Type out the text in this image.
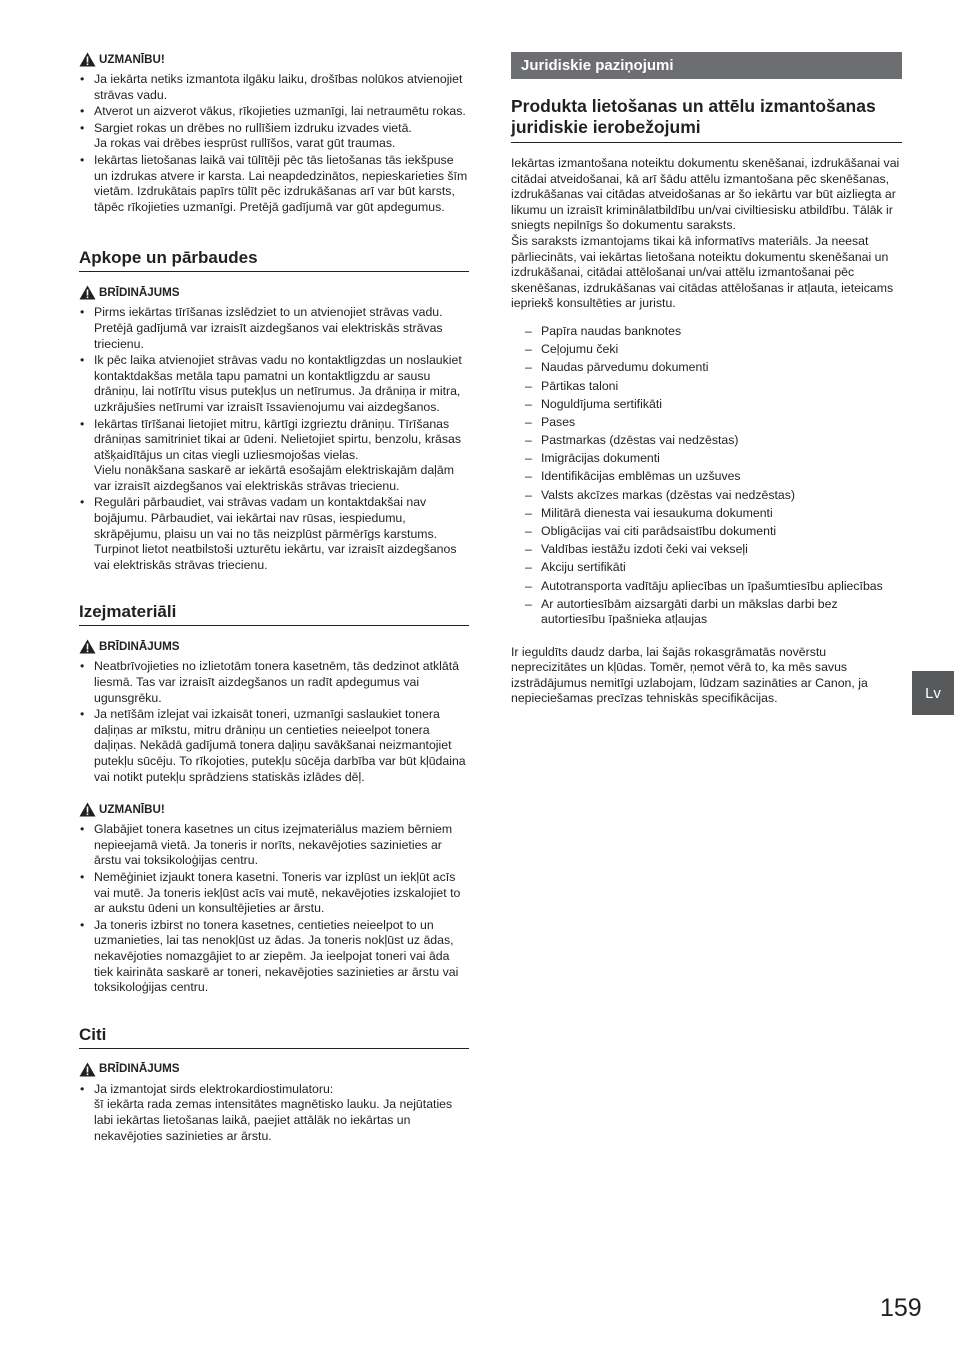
UZMANĪBU!
• Ja iekārta netiks izmantota ilgāku laiku, drošības nolūkos atvienojiet strāvas vadu.
• Atverot un aizverot vākus, rīkojieties uzmanīgi, lai netraumētu rokas.
• Sargiet rokas un drēbes no rullīšiem izdruku izvades vietā.
Ja rokas vai drēbes iesprūst rullīšos, varat gūt traumas.
• Iekārtas lietošanas laikā vai tūlītēji pēc tās lietošanas tās iekšpuse un izdrukas atvere ir karsta. Lai neapdedzinātos, nepieskarieties šīm vietām. Izdrukātais papīrs tūlīt pēc izdrukāšanas arī var būt karsts, tāpēc rīkojieties uzmanīgi. Pretējā gadījumā var gūt apdegumus.
Apkope un pārbaudes
BRĪDINĀJUMS
• Pirms iekārtas tīrīšanas izslēdziet to un atvienojiet strāvas vadu. Pretējā gadījumā var izraisīt aizdegšanos vai elektriskās strāvas triecienu.
• Ik pēc laika atvienojiet strāvas vadu no kontaktligzdas un noslaukiet kontaktdakšas metāla tapu pamatni un kontaktligzdu ar sausu drāniņu, lai notīrītu visus putekļus un netīrumus. Ja drāniņa ir mitra, uzkrājušies netīrumi var izraisīt īssavienojumu vai aizdegšanos.
• Iekārtas tīrīšanai lietojiet mitru, kārtīgi izgrieztu drāniņu. Tīrīšanas drāniņas samitriniet tikai ar ūdeni. Nelietojiet spirtu, benzolu, krāsas atšķaidītājus un citas viegli uzliesmojošas vielas.
Vielu nonākšana saskarē ar iekārtā esošajām elektriskajām daļām var izraisīt aizdegšanos vai elektriskās strāvas triecienu.
• Regulāri pārbaudiet, vai strāvas vadam un kontaktdakšai nav bojājumu. Pārbaudiet, vai iekārtai nav rūsas, iespiedumu, skrāpējumu, plaisu un vai no tās neizplūst pārmērīgs karstums. Turpinot lietot neatbilstoši uzturētu iekārtu, var izraisīt aizdegšanos vai elektriskās strāvas triecienu.
Izejmateriāli
BRĪDINĀJUMS
• Neatbrīvojieties no izlietotām tonera kasetnēm, tās dedzinot atklātā liesmā. Tas var izraisīt aizdegšanos un radīt apdegumus vai ugunsgrēku.
• Ja netīšām izlejat vai izkaisāt toneri, uzmanīgi saslaukiet tonera daļiņas ar mīkstu, mitru drāniņu un centieties neieelpot tonera daļiņas. Nekādā gadījumā tonera daļiņu savākšanai neizmantojiet putekļu sūcēju. To rīkojoties, putekļu sūcēja darbība var būt kļūdaina vai notikt putekļu sprādziens statiskās izlādes dēļ.
UZMANĪBU!
• Glabājiet tonera kasetnes un citus izejmateriālus maziem bērniem nepieejamā vietā. Ja toneris ir norīts, nekavējoties sazinieties ar ārstu vai toksikoloģijas centru.
• Nemēģiniet izjaukt tonera kasetni. Toneris var izplūst un iekļūt acīs vai mutē. Ja toneris iekļūst acīs vai mutē, nekavējoties izskalojiet to ar aukstu ūdeni un konsultējieties ar ārstu.
• Ja toneris izbirst no tonera kasetnes, centieties neieelpot to un uzmanieties, lai tas nenokļūst uz ādas. Ja toneris nokļūst uz ādas, nekavējoties nomazgājiet to ar ziepēm. Ja ieelpojat toneri vai āda tiek kairināta saskarē ar toneri, nekavējoties sazinieties ar ārstu vai toksikoloģijas centru.
Citi
BRĪDINĀJUMS
• Ja izmantojat sirds elektrokardiostimulatoru:
šī iekārta rada zemas intensitātes magnētisko lauku. Ja nejūtaties labi iekārtas lietošanas laikā, paejiet attālāk no iekārtas un nekavējoties sazinieties ar ārstu.
Juridiskie paziņojumi
Produkta lietošanas un attēlu izmantošanas juridiskie ierobežojumi

Iekārtas izmantošana noteiktu dokumentu skenēšanai, izdrukāšanai vai citādai atveidošanai, kā arī šādu attēlu izmantošana pēc skenēšanas, izdrukāšanas vai citādas atveidošanas ar šo iekārtu var būt aizliegta ar likumu un izraisīt kriminālatbildību un/vai civiltiesisku atbildību. Tālāk ir sniegts nepilnīgs šo dokumentu saraksts.
Šis saraksts izmantojams tikai kā informatīvs materiāls. Ja neesat pārliecināts, vai iekārtas lietošana noteiktu dokumentu skenēšanai un izdrukāšanai, citādai attēlošanai un/vai attēlu izmantošanai pēc skenēšanas, izdrukāšanas vai citādas attēlošanas ir atļauta, ieteicams iepriekš konsultēties ar juristu.

– Papīra naudas banknotes
– Ceļojumu čeki
– Naudas pārvedumu dokumenti
– Pārtikas taloni
– Noguldījuma sertifikāti
– Pases
– Pastmarkas (dzēstas vai nedzēstas)
– Imigrācijas dokumenti
– Identifikācijas emblēmas un uzšuves
– Valsts akcīzes markas (dzēstas vai nedzēstas)
– Militārā dienesta vai iesaukuma dokumenti
– Obligācijas vai citi parādsaistību dokumenti
– Valdības iestāžu izdoti čeki vai vekseļi
– Akciju sertifikāti
– Autotransporta vadītāju apliecības un īpašumtiesību apliecības
– Ar autortiesībām aizsargāti darbi un mākslas darbi bez
autortiesību īpašnieka atļaujas

Ir ieguldīts daudz darba, lai šajās rokasgrāmatās novērstu neprecizitātes un kļūdas. Tomēr, ņemot vērā to, ka mēs savus izstrādājumus nemitīgi uzlabojam, lūdzam sazināties ar Canon, ja nepieciešamas precīzas tehniskās specifikācijas.	Lv
159
